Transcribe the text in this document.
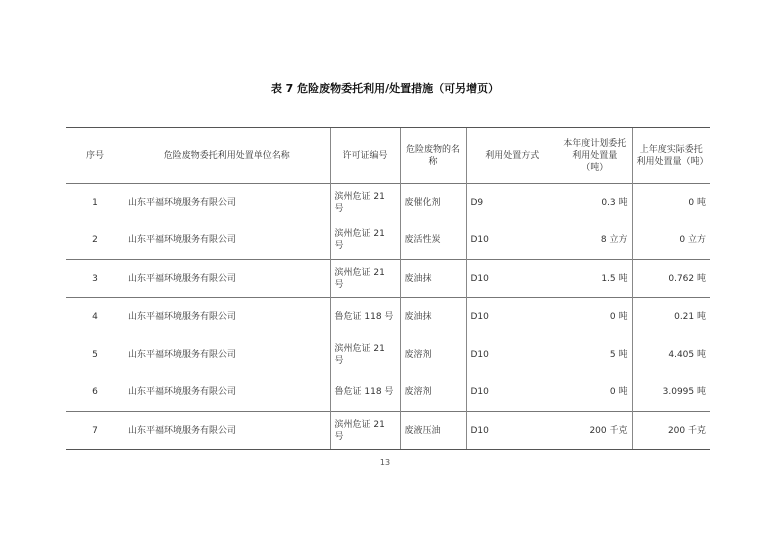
表 7 危险废物委托利用/处置措施（可另增页）
序号	危险废物委托利用处置单位名称	许可证编号	危险废物的名称	利用处置方式	本年度计划委托利用处置量（吨）	上年度实际委托利用处置量（吨）
1	山东平福环境服务有限公司	滨州危证 21 号	废催化剂	D9	0.3 吨	0 吨
2	山东平福环境服务有限公司	滨州危证 21 号	废活性炭	D10	8 立方	0 立方
3	山东平福环境服务有限公司	滨州危证 21 号	废油抹	D10	1.5 吨	0.762 吨
4	山东平福环境服务有限公司	鲁危证 118 号	废油抹	D10	0 吨	0.21 吨
5	山东平福环境服务有限公司	滨州危证 21 号	废溶剂	D10	5 吨	4.405 吨
6	山东平福环境服务有限公司	鲁危证 118 号	废溶剂	D10	0 吨	3.0995 吨
7	山东平福环境服务有限公司	滨州危证 21 号	废液压油	D10	200 千克	200 千克
13
